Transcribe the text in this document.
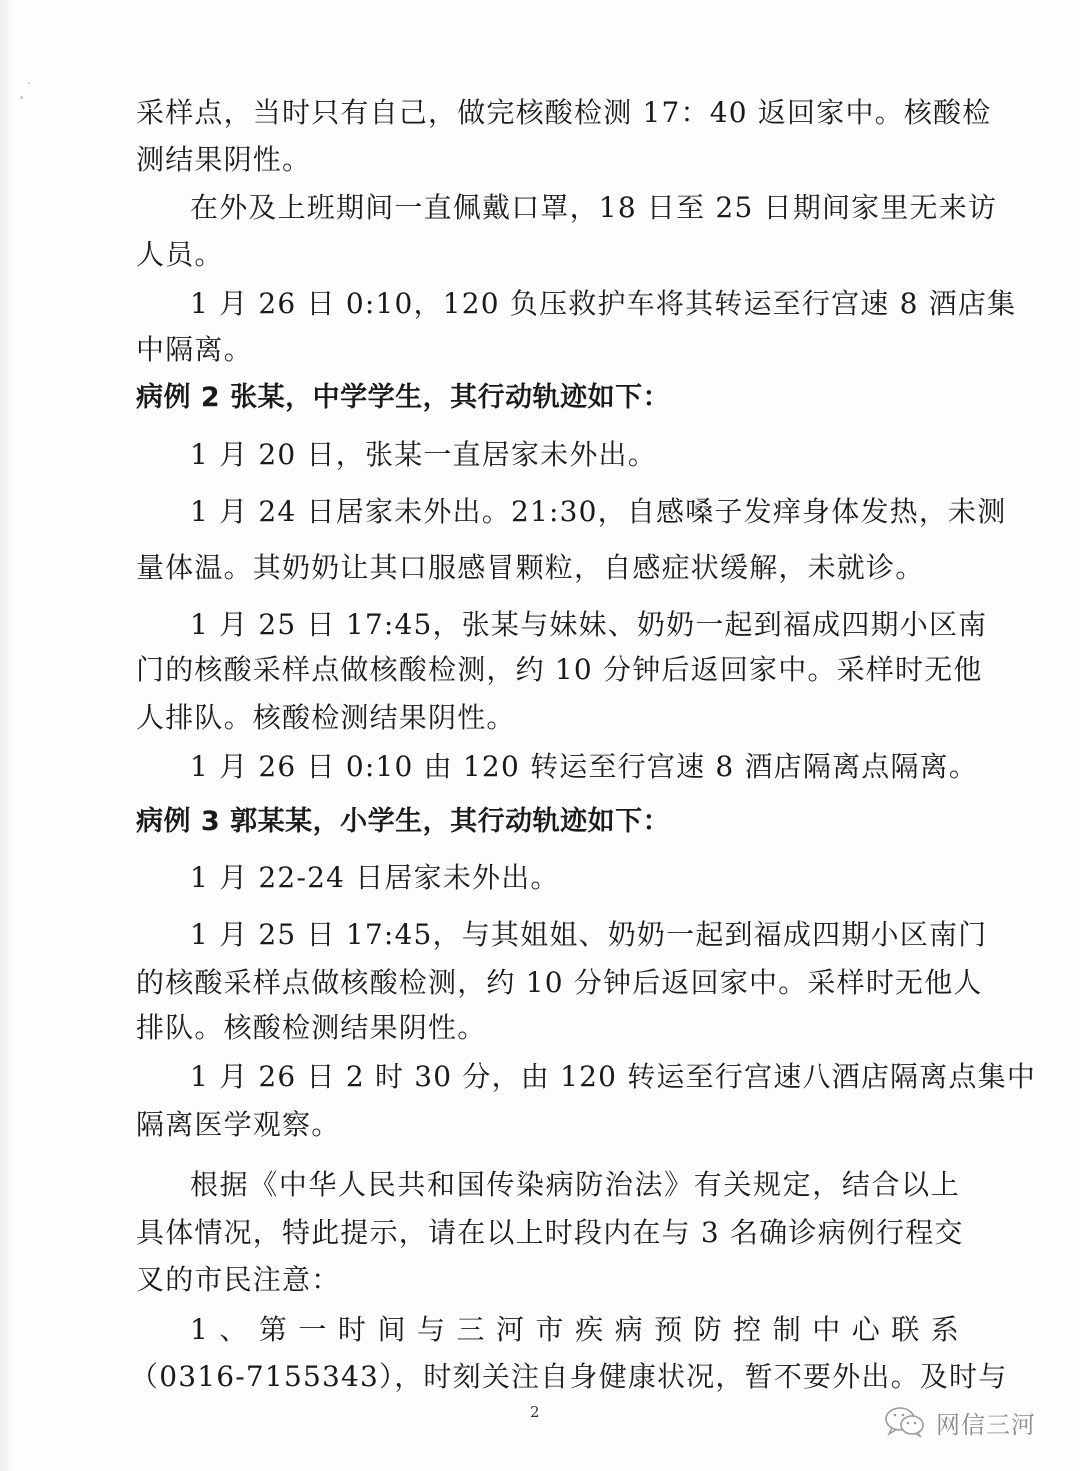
采样点，当时只有自己，做完核酸检测 17：40 返回家中。核酸检
测结果阴性。
在外及上班期间一直佩戴口罩，18 日至 25 日期间家里无来访
人员。
1 月 26 日 0:10，120 负压救护车将其转运至行宫速 8 酒店集
中隔离。
病例 2 张某，中学学生，其行动轨迹如下：
1 月 20 日，张某一直居家未外出。
1 月 24 日居家未外出。21:30，自感嗓子发痒身体发热，未测
量体温。其奶奶让其口服感冒颗粒，自感症状缓解，未就诊。
1 月 25 日 17:45，张某与妹妹、奶奶一起到福成四期小区南
门的核酸采样点做核酸检测，约 10 分钟后返回家中。采样时无他
人排队。核酸检测结果阴性。
1 月 26 日 0:10 由 120 转运至行宫速 8 酒店隔离点隔离。
病例 3 郭某某，小学生，其行动轨迹如下：
1 月 22-24 日居家未外出。
1 月 25 日 17:45，与其姐姐、奶奶一起到福成四期小区南门
的核酸采样点做核酸检测，约 10 分钟后返回家中。采样时无他人
排队。核酸检测结果阴性。
1 月 26 日 2 时 30 分，由 120 转运至行宫速八酒店隔离点集中
隔离医学观察。
根据《中华人民共和国传染病防治法》有关规定，结合以上
具体情况，特此提示，请在以上时段内在与 3 名确诊病例行程交
叉的市民注意：
1、第一时间与三河市疾病预防控制中心联系
（0316-7155343），时刻关注自身健康状况，暂不要外出。及时与
2	网信三河
